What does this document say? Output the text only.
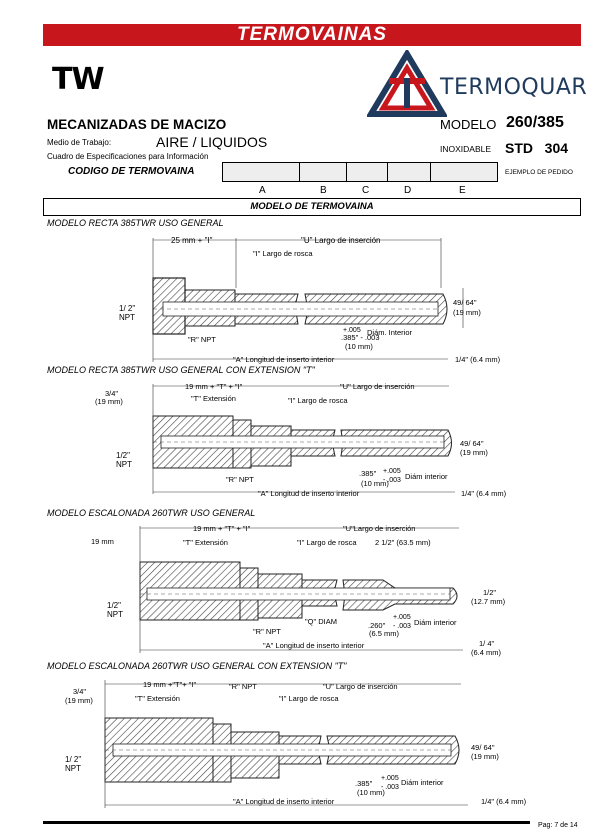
TERMOVAINAS
TW	TERMOQUAR
MECANIZADAS DE MACIZO	MODELO 260/385
Medio de Trabajo:	AIRE / LIQUIDOS	INOXIDABLE STD   304
Cuadro de Especificaciones para Información
CODIGO DE TERMOVAINA	EJEMPLO DE PEDIDO
A	B	C	D	E
MODELO DE TERMOVAINA
MODELO RECTA 385TWR USO GENERAL
25 mm + "I"	"U" Largo de inserción
"I" Largo de rosca
1/ 2"
NPT
"R" NPT
49/ 64"
(19 mm)
+.005 Diám. Interior
.385" - .003
(10 mm)
"A" Longitud de inserto interior	1/4" (6.4 mm)
MODELO RECTA 385TWR USO GENERAL CON EXTENSION "T"
3/4"
(19 mm)
19 mm + "T" + "I"	"U" Largo de inserción
"T" Extensión	"I" Largo de rosca
1/2"
NPT
"R" NPT
49/ 64"
(19 mm)
.385" +.005
- .003 Diám interior
(10 mm)
"A" Longitud de inserto interior	1/4" (6.4 mm)
MODELO ESCALONADA 260TWR USO GENERAL
19 mm + "T" + "I"	"U"Largo de inserción
19 mm	"T" Extensión	"I" Largo de rosca 2 1/2" (63.5 mm)
1/2"
NPT
"R" NPT
"Q" DIAM	.260"
+.005
- .003 Diám interior
(6.5 mm)
1/2"
(12.7 mm)
"A" Longitud de inserto interior	1/ 4"
(6.4 mm)
MODELO ESCALONADA 260TWR USO GENERAL CON EXTENSION "T"
3/4"
(19 mm)
19 mm +"T"+ "I"	"U" Largo de inserción
"T" Extensión
"R" NPT
"I" Largo de rosca
1/ 2"
NPT
49/ 64"
(19 mm)
.385"
+.005
- .003
Diám interior
(10 mm)
"A" Longitud de inserto interior	1/4" (6.4 mm)
Pag: 7 de 14
